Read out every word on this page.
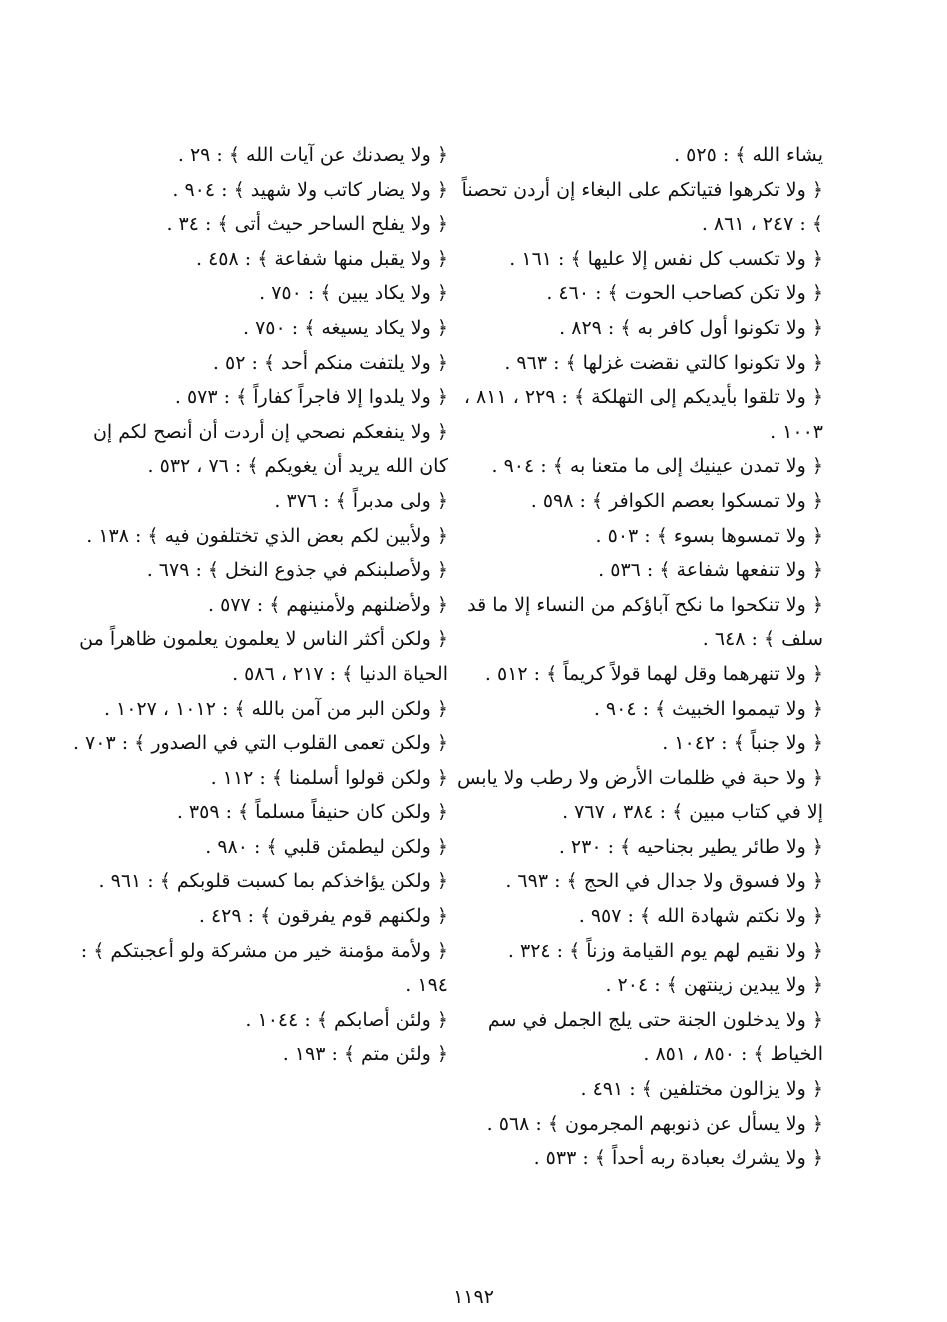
يشاء الله ﴾ : ٥٢٥ .

﴿ ولا تكرهوا فتياتكم على البغاء إن أردن تحصناً ﴾ : ٢٤٧ ، ٨٦١ .

﴿ ولا تكسب كل نفس إلا عليها ﴾ : ١٦١ .

﴿ ولا تكن كصاحب الحوت ﴾ : ٤٦٠ .

﴿ ولا تكونوا أول كافر به ﴾ : ٨٢٩ .

﴿ ولا تكونوا كالتي نقضت غزلها ﴾ : ٩٦٣ .

﴿ ولا تلقوا بأيديكم إلى التهلكة ﴾ : ٢٢٩ ، ٨١١ ، ١٠٠٣ .

﴿ ولا تمدن عينيك إلى ما متعنا به ﴾ : ٩٠٤ .

﴿ ولا تمسكوا بعصم الكوافر ﴾ : ٥٩٨ .

﴿ ولا تمسوها بسوء ﴾ : ٥٠٣ .

﴿ ولا تنفعها شفاعة ﴾ : ٥٣٦ .

﴿ ولا تنكحوا ما نكح آباؤكم من النساء إلا ما قد سلف ﴾ : ٦٤٨ .

﴿ ولا تنهرهما وقل لهما قولاً كريماً ﴾ : ٥١٢ .

﴿ ولا تيمموا الخبيث ﴾ : ٩٠٤ .

﴿ ولا جنباً ﴾ : ١٠٤٢ .

﴿ ولا حبة في ظلمات الأرض ولا رطب ولا يابس إلا في كتاب مبين ﴾ : ٣٨٤ ، ٧٦٧ .

﴿ ولا طائر يطير بجناحيه ﴾ : ٢٣٠ .

﴿ ولا فسوق ولا جدال في الحج ﴾ : ٦٩٣ .

﴿ ولا نكتم شهادة الله ﴾ : ٩٥٧ .

﴿ ولا نقيم لهم يوم القيامة وزناً ﴾ : ٣٢٤ .

﴿ ولا يبدين زينتهن ﴾ : ٢٠٤ .

﴿ ولا يدخلون الجنة حتى يلج الجمل في سم الخياط ﴾ : ٨٥٠ ، ٨٥١ .

﴿ ولا يزالون مختلفين ﴾ : ٤٩١ .

﴿ ولا يسأل عن ذنوبهم المجرمون ﴾ : ٥٦٨ .

﴿ ولا يشرك بعبادة ربه أحداً ﴾ : ٥٣٣ .

﴿ ولا يصدنك عن آيات الله ﴾ : ٢٩ .

﴿ ولا يضار كاتب ولا شهيد ﴾ : ٩٠٤ .

﴿ ولا يفلح الساحر حيث أتى ﴾ : ٣٤ .

﴿ ولا يقبل منها شفاعة ﴾ : ٤٥٨ .

﴿ ولا يكاد يبين ﴾ : ٧٥٠ .

﴿ ولا يكاد يسيغه ﴾ : ٧٥٠ .

﴿ ولا يلتفت منكم أحد ﴾ : ٥٢ .

﴿ ولا يلدوا إلا فاجراً كفاراً ﴾ : ٥٧٣ .

﴿ ولا ينفعكم نصحي إن أردت أن أنصح لكم إن كان الله يريد أن يغويكم ﴾ : ٧٦ ، ٥٣٢ .

﴿ ولى مدبراً ﴾ : ٣٧٦ .

﴿ ولأبين لكم بعض الذي تختلفون فيه ﴾ : ١٣٨ .

﴿ ولأصلبنكم في جذوع النخل ﴾ : ٦٧٩ .

﴿ ولأضلنهم ولأمنينهم ﴾ : ٥٧٧ .

﴿ ولكن أكثر الناس لا يعلمون يعلمون ظاهراً من الحياة الدنيا ﴾ : ٢١٧ ، ٥٨٦ .

﴿ ولكن البر من آمن بالله ﴾ : ١٠١٢ ، ١٠٢٧ .

﴿ ولكن تعمى القلوب التي في الصدور ﴾ : ٧٠٣ .

﴿ ولكن قولوا أسلمنا ﴾ : ١١٢ .

﴿ ولكن كان حنيفاً مسلماً ﴾ : ٣٥٩ .

﴿ ولكن ليطمئن قلبي ﴾ : ٩٨٠ .

﴿ ولكن يؤاخذكم بما كسبت قلوبكم ﴾ : ٩٦١ .

﴿ ولكنهم قوم يفرقون ﴾ : ٤٢٩ .

﴿ ولأمة مؤمنة خير من مشركة ولو أعجبتكم ﴾ : ١٩٤ .

﴿ ولئن أصابكم ﴾ : ١٠٤٤ .

﴿ ولئن متم ﴾ : ١٩٣ .

١١٩٢
